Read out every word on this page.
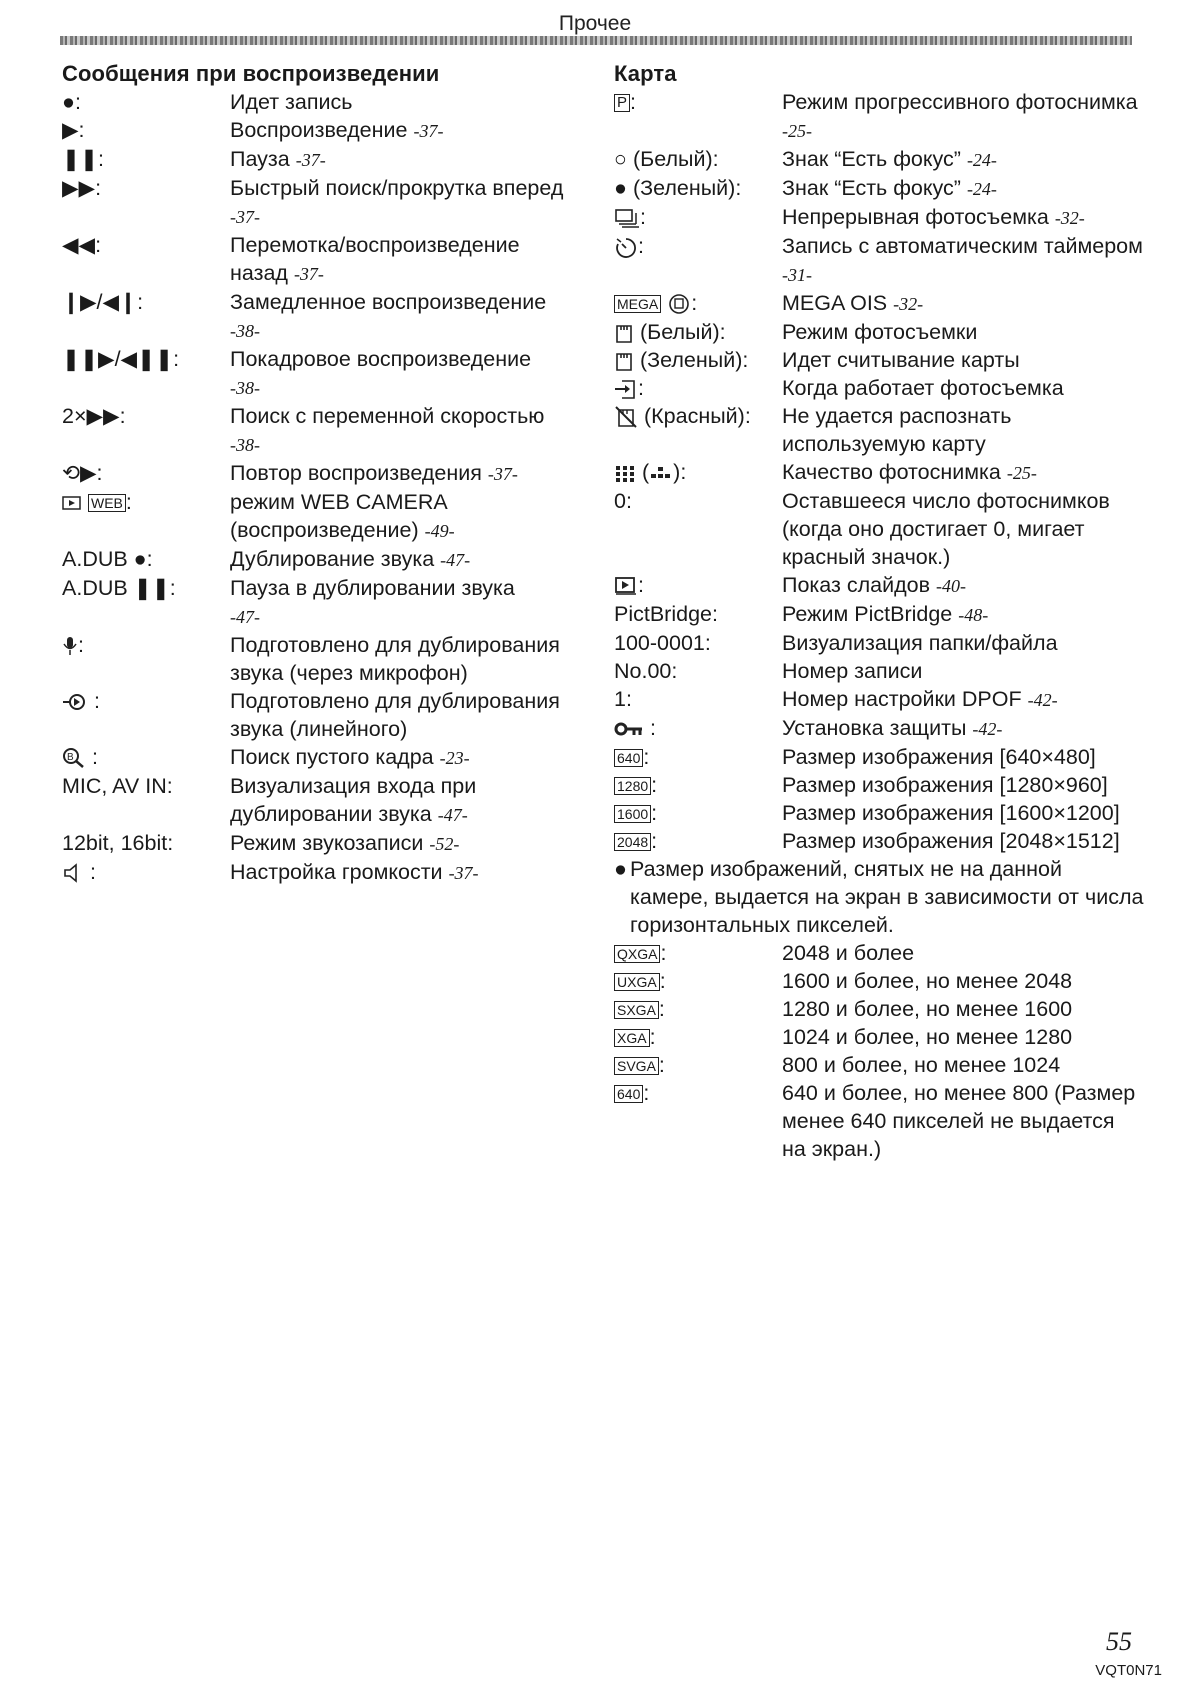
Прочее
Сообщения при воспроизведении
●:	Идет запись
▶:	Воспроизведение -37-
❚❚:	Пауза -37-
▶▶:	Быстрый поиск/прокрутка вперед -37-
◀◀:	Перемотка/воспроизведение назад -37-
❙▶/◀❙:	Замедленное воспроизведение -38-
❚❚▶/◀❚❚:	Покадровое воспроизведение
-38-
2×▶▶:	Поиск с переменной скоростью
-38-
⟲▶:	Повтор воспроизведения -37-
WEB :	режим WEB CAMERA (воспроизведение) -49-
A.DUB ●:	Дублирование звука -47-
A.DUB ❚❚:	Пауза в дублировании звука
-47-
:	Подготовлено для дублирования звука (через микрофон)
:	Подготовлено для дублирования звука (линейного)
B :	Поиск пустого кадра -23-
MIC, AV IN:	Визуализация входа при дублировании звука -47-
12bit, 16bit:	Режим звукозаписи -52-
:	Настройка громкости -37-
Карта
P :	Режим прогрессивного фотоснимка -25-
○ (Белый):	Знак “Есть фокус” -24-
● (Зеленый):	Знак “Есть фокус” -24-
:	Непрерывная фотосъемка -32-
:	Запись с автоматическим таймером
-31-
MEGA :	MEGA OIS -32-
(Белый):	Режим фотосъемки
(Зеленый):	Идет считывание карты
:	Когда работает фотосъемка
(Красный):	Не удается распознать используемую карту
( ):	Качество фотоснимка -25-
0:	Оставшееся число фотоснимков (когда оно достигает 0, мигает красный значок.)
:	Показ слайдов -40-
PictBridge:	Режим PictBridge -48-
100-0001:	Визуализация папки/файла
No.00:	Номер записи
1:	Номер настройки DPOF -42-
:	Установка защиты -42-
640 :	Размер изображения [640×480]
1280 :	Размер изображения [1280×960]
1600 :	Размер изображения [1600×1200]
2048 :	Размер изображения [2048×1512]
● Размер изображений, снятых не на данной камере, выдается на экран в зависимости от числа горизонтальных пикселей.
QXGA :	2048 и более
UXGA :	1600 и более, но менее 2048
SXGA :	1280 и более, но менее 1600
XGA :	1024 и более, но менее 1280
SVGA :	800 и более, но менее 1024
640 :	640 и более, но менее 800 (Размер менее 640 пикселей не выдается на экран.)
55
VQT0N71
